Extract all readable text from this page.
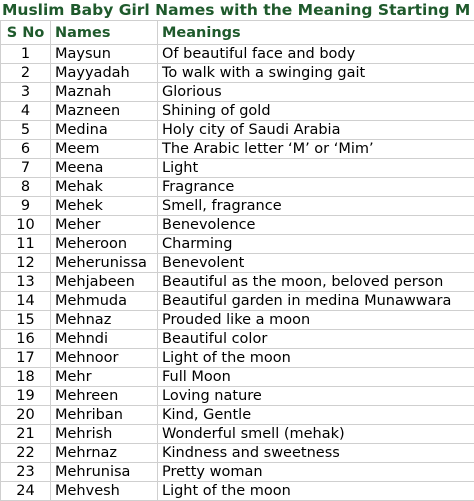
Muslim Baby Girl Names with the Meaning Starting M
S No	Names	Meanings
1	Maysun	Of beautiful face and body
2	Mayyadah	To walk with a swinging gait
3	Maznah	Glorious
4	Mazneen	Shining of gold
5	Medina	Holy city of Saudi Arabia
6	Meem	The Arabic letter ‘M’ or ‘Mim’
7	Meena	Light
8	Mehak	Fragrance
9	Mehek	Smell, fragrance
10	Meher	Benevolence
11	Meheroon	Charming
12	Meherunissa	Benevolent
13	Mehjabeen	Beautiful as the moon, beloved person
14	Mehmuda	Beautiful garden in medina Munawwara
15	Mehnaz	Prouded like a moon
16	Mehndi	Beautiful color
17	Mehnoor	Light of the moon
18	Mehr	Full Moon
19	Mehreen	Loving nature
20	Mehriban	Kind, Gentle
21	Mehrish	Wonderful smell (mehak)
22	Mehrnaz	Kindness and sweetness
23	Mehrunisa	Pretty woman
24	Mehvesh	Light of the moon
